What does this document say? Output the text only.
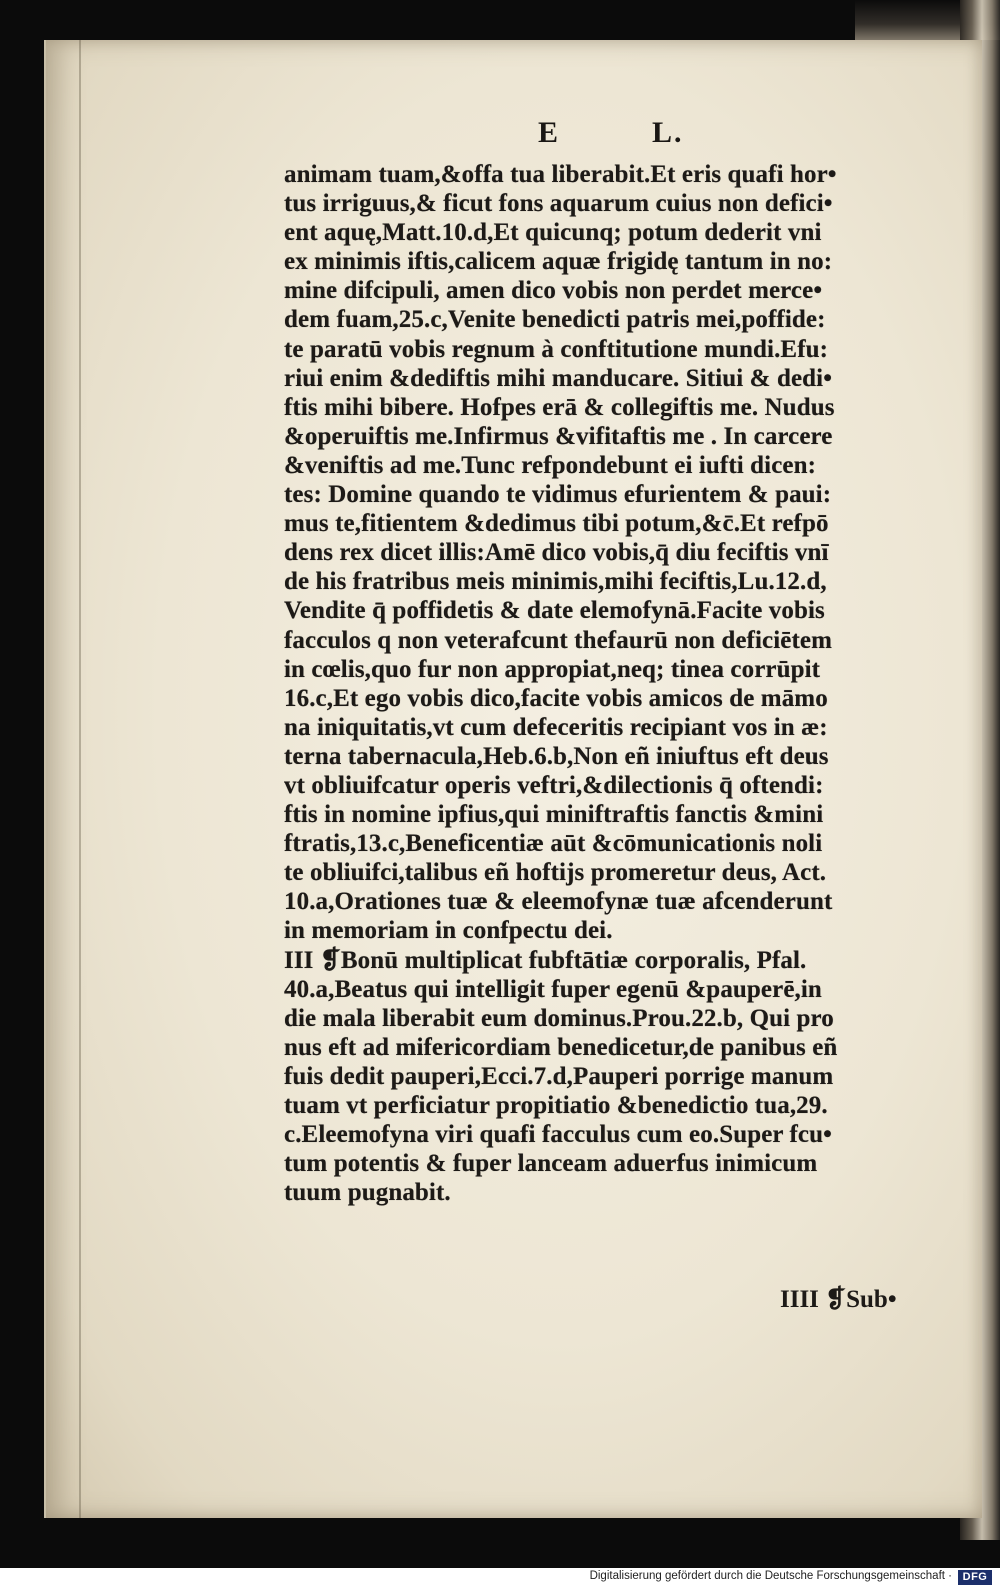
E	L.
animam tuam,&offa tua liberabit.Et eris quafi hor•
tus irriguus,& ficut fons aquarum cuius non defici•
ent aquę,Matt.10.d,Et quicunq; potum dederit vni
ex minimis iftis,calicem aquæ frigidę tantum in no:
mine difcipuli, amen dico vobis non perdet merce•
dem fuam,25.c,Venite benedicti patris mei,poffide:
te paratū vobis regnum à conftitutione mundi.Efu:
riui enim &dediftis mihi manducare. Sitiui & dedi•
ftis mihi bibere. Hofpes erā & collegiftis me. Nudus
&operuiftis me.Infirmus &vifitaftis me . In carcere
&veniftis ad me.Tunc refpondebunt ei iufti dicen:
tes: Domine quando te vidimus efurientem & paui:
mus te,fitientem &dedimus tibi potum,&c̄.Et refpō
dens rex dicet illis:Amē dico vobis,q̄ diu feciftis vnī
de his fratribus meis minimis,mihi feciftis,Lu.12.d,
Vendite q̄ poffidetis & date elemofynā.Facite vobis
facculos q non veterafcunt thefaurū non deficiētem
in cœlis,quo fur non appropiat,neq; tinea corrūpit
16.c,Et ego vobis dico,facite vobis amicos de māmo
na iniquitatis,vt cum defeceritis recipiant vos in æ:
terna tabernacula,Heb.6.b,Non eñ iniuftus eft deus
vt obliuifcatur operis veftri,&dilectionis q̄ oftendi:
ftis in nomine ipfius,qui miniftraftis fanctis &mini
ftratis,13.c,Beneficentiæ aūt &cōmunicationis noli
te obliuifci,talibus eñ hoftijs promeretur deus, Act.
10.a,Orationes tuæ & eleemofynæ tuæ afcenderunt
in memoriam in confpectu dei.
III ❡Bonū multiplicat fubftātiæ corporalis, Pfal.
40.a,Beatus qui intelligit fuper egenū &pauperē,in
die mala liberabit eum dominus.Prou.22.b, Qui pro
nus eft ad mifericordiam benedicetur,de panibus eñ
fuis dedit pauperi,Ecci.7.d,Pauperi porrige manum
tuam vt perficiatur propitiatio &benedictio tua,29.
c.Eleemofyna viri quafi facculus cum eo.Super fcu•
tum potentis & fuper lanceam aduerfus inimicum
tuum pugnabit.
IIII ❡Sub•
Digitalisierung gefördert durch die Deutsche Forschungsgemeinschaft · DFG
